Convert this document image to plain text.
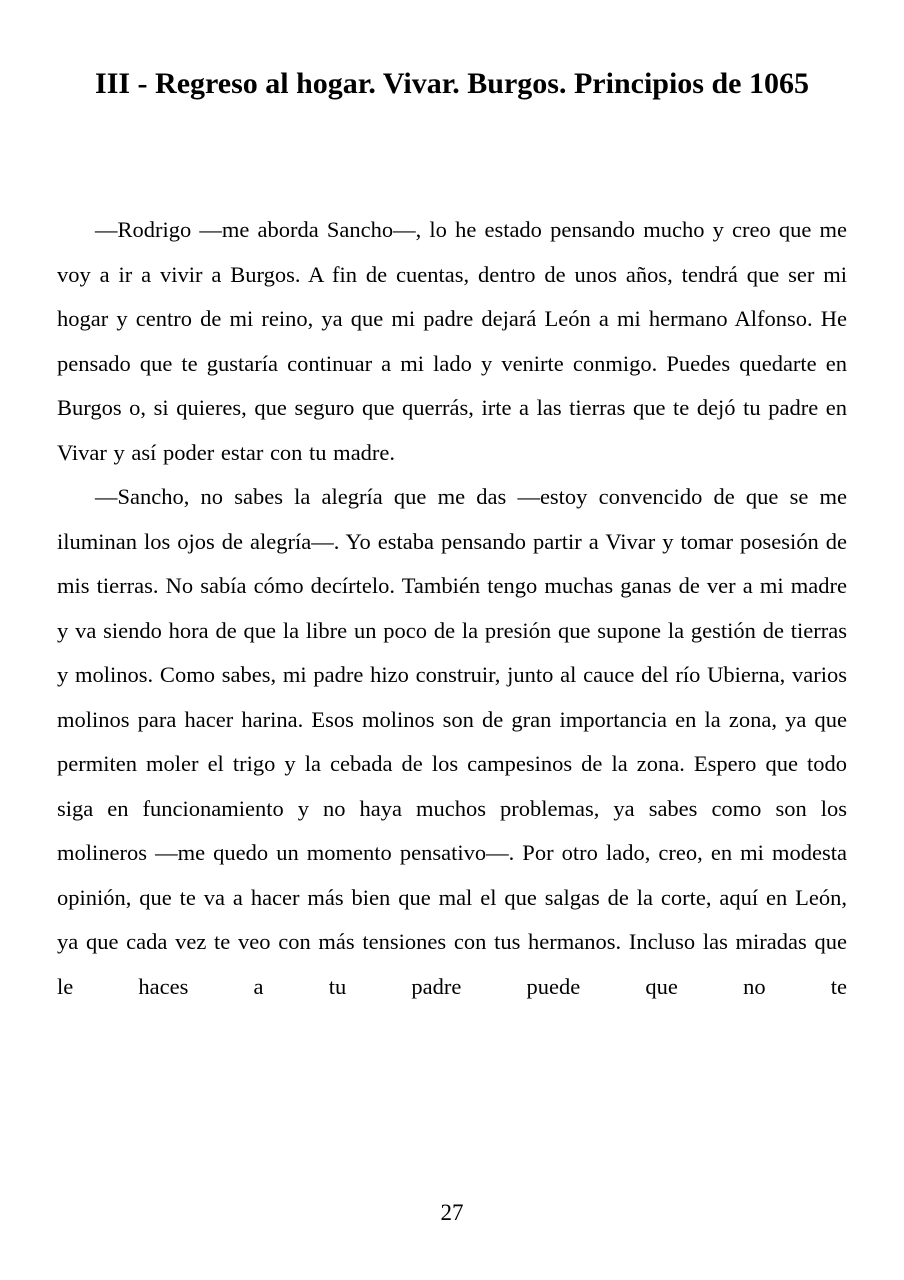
III - Regreso al hogar. Vivar. Burgos. Principios de 1065

—Rodrigo —me aborda Sancho—, lo he estado pensando mucho y creo que me voy a ir a vivir a Burgos. A fin de cuentas, dentro de unos años, tendrá que ser mi hogar y centro de mi reino, ya que mi padre dejará León a mi hermano Alfonso. He pensado que te gustaría continuar a mi lado y venirte conmigo. Puedes quedarte en Burgos o, si quieres, que seguro que querrás, irte a las tierras que te dejó tu padre en Vivar y así poder estar con tu madre.

—Sancho, no sabes la alegría que me das —estoy convencido de que se me iluminan los ojos de alegría—. Yo estaba pensando partir a Vivar y tomar posesión de mis tierras. No sabía cómo decírtelo. También tengo muchas ganas de ver a mi madre y va siendo hora de que la libre un poco de la presión que supone la gestión de tierras y molinos. Como sabes, mi padre hizo construir, junto al cauce del río Ubierna, varios molinos para hacer harina. Esos molinos son de gran importancia en la zona, ya que permiten moler el trigo y la cebada de los campesinos de la zona. Espero que todo siga en funcionamiento y no haya muchos problemas, ya sabes como son los molineros —me quedo un momento pensativo—. Por otro lado, creo, en mi modesta opinión, que te va a hacer más bien que mal el que salgas de la corte, aquí en León, ya que cada vez te veo con más tensiones con tus hermanos. Incluso las miradas que le haces a tu padre puede que no te

27
